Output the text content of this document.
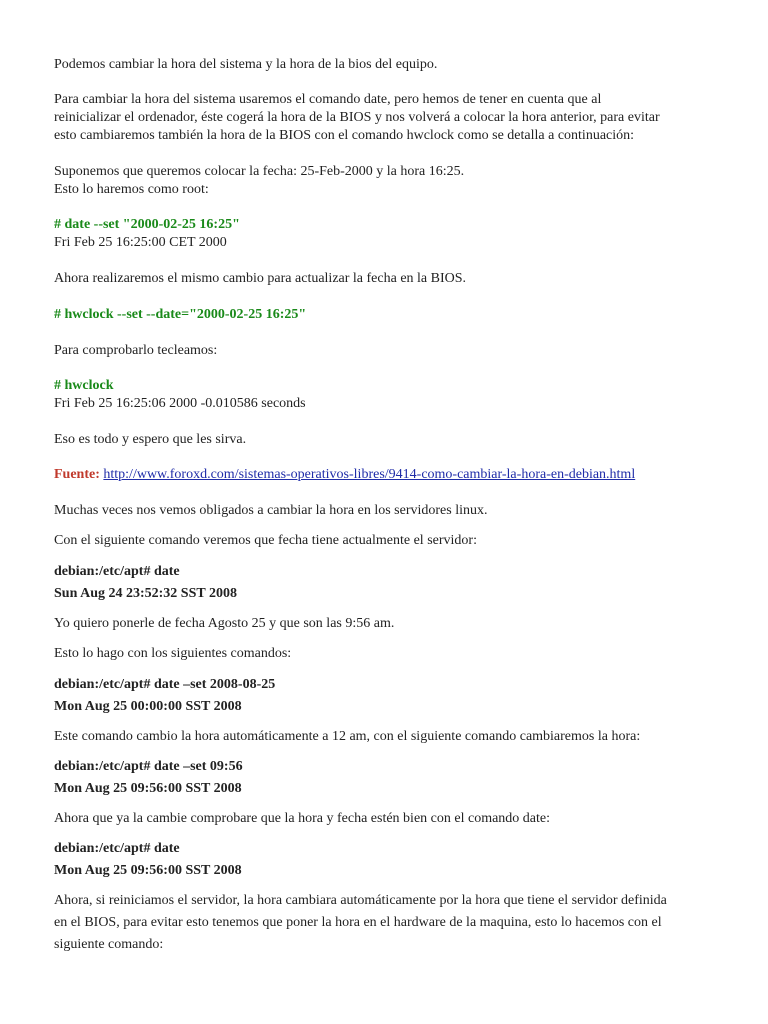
Podemos cambiar la hora del sistema y la hora de la bios del equipo.
Para cambiar la hora del sistema usaremos el comando date, pero hemos de tener en cuenta que al
reinicializar el ordenador, éste cogerá la hora de la BIOS y nos volverá a colocar la hora anterior, para evitar
esto cambiaremos también la hora de la BIOS con el comando hwclock como se detalla a continuación:
Suponemos que queremos colocar la fecha: 25-Feb-2000 y la hora 16:25.
Esto lo haremos como root:
# date --set "2000-02-25 16:25"
Fri Feb 25 16:25:00 CET 2000
Ahora realizaremos el mismo cambio para actualizar la fecha en la BIOS.
# hwclock --set --date="2000-02-25 16:25"
Para comprobarlo tecleamos:
# hwclock
Fri Feb 25 16:25:06 2000 -0.010586 seconds
Eso es todo y espero que les sirva.
Fuente: http://www.foroxd.com/sistemas-operativos-libres/9414-como-cambiar-la-hora-en-debian.html
Muchas veces nos vemos obligados a cambiar la hora en los servidores linux.
Con el siguiente comando veremos que fecha tiene actualmente el servidor:
debian:/etc/apt# date
Sun Aug 24 23:52:32 SST 2008
Yo quiero ponerle de fecha Agosto 25 y que son las 9:56 am.
Esto lo hago con los siguientes comandos:
debian:/etc/apt# date –set 2008-08-25
Mon Aug 25 00:00:00 SST 2008
Este comando cambio la hora automáticamente a 12 am, con el siguiente comando cambiaremos la hora:
debian:/etc/apt# date –set 09:56
Mon Aug 25 09:56:00 SST 2008
Ahora que ya la cambie comprobare que la hora y fecha estén bien con el comando date:
debian:/etc/apt# date
Mon Aug 25 09:56:00 SST 2008
Ahora, si reiniciamos el servidor, la hora cambiara automáticamente por la hora que tiene el servidor definida
en el BIOS, para evitar esto tenemos que poner la hora en el hardware de la maquina, esto lo hacemos con el
siguiente comando:
